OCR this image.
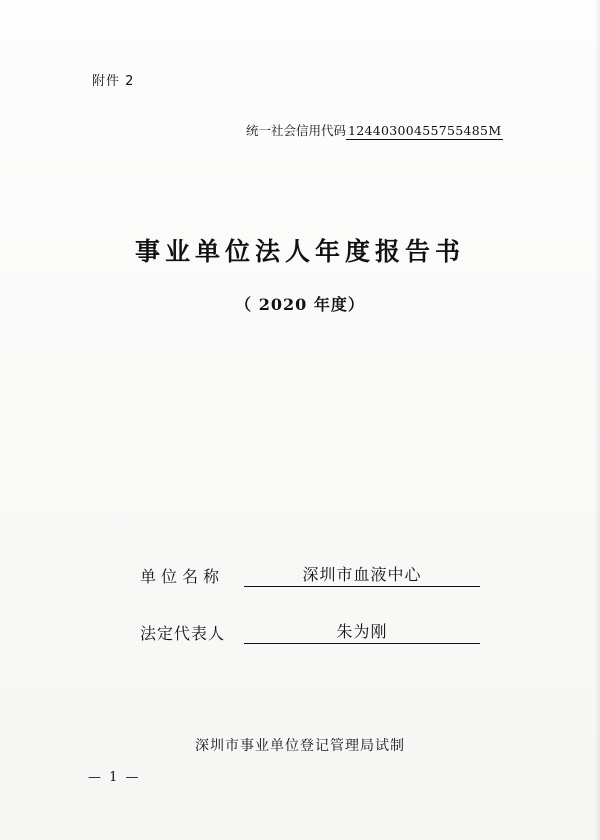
附件 2
统一社会信用代码 12440300455755485M
事业单位法人年度报告书
（ 2020 年度）
单位名称	深圳市血液中心
法定代表人	朱为刚
深圳市事业单位登记管理局试制
— 1 —
